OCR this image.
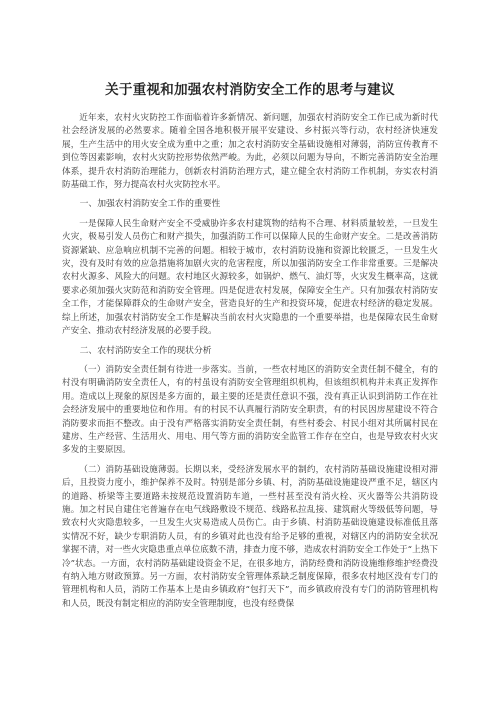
关于重视和加强农村消防安全工作的思考与建议

近年来，农村火灾防控工作面临着许多新情况、新问题，加强农村消防安全工作已成为新时代社会经济发展的必然要求。随着全国各地积极开展平安建设、乡村振兴等行动，农村经济快速发展，生产生活中的用火安全成为重中之重；加之农村消防安全基础设施相对薄弱，消防宣传教育不到位等因素影响，农村火灾防控形势依然严峻。为此，必须以问题为导向，不断完善消防安全治理体系，提升农村消防治理能力，创新农村消防治理方式，建立健全农村消防工作机制，夯实农村消防基础工作，努力提高农村火灾防控水平。

一、加强农村消防安全工作的重要性

一是保障人民生命财产安全不受威胁许多农村建筑物的结构不合理、材料质量较差，一旦发生火灾，极易引发人员伤亡和财产损失，加强消防工作可以保障人民的生命财产安全。二是改善消防资源紧缺、应急响应机制不完善的问题。相较于城市，农村消防设施和资源比较匮乏，一旦发生火灾，没有及时有效的应急措施将加剧火灾的危害程度，所以加强消防安全工作非常重要。三是解决农村火源多、风险大的问题。农村地区火源较多，如锅炉、燃气、油灯等，火灾发生概率高，这就要求必须加强火灾防范和消防安全管理。四是促进农村发展，保障安全生产。只有加强农村消防安全工作，才能保障群众的生命财产安全，营造良好的生产和投资环境，促进农村经济的稳定发展。综上所述，加强农村消防安全工作是解决当前农村火灾隐患的一个重要举措，也是保障农民生命财产安全、推动农村经济发展的必要手段。

二、农村消防安全工作的现状分析

（一）消防安全责任制有待进一步落实。当前，一些农村地区的消防安全责任制不健全，有的村没有明确消防安全责任人，有的村虽设有消防安全管理组织机构，但该组织机构并未真正发挥作用。造成以上现象的原因是多方面的，最主要的还是责任意识不强，没有真正认识到消防工作在社会经济发展中的重要地位和作用。有的村民不认真履行消防安全职责，有的村民因房屋建设不符合消防要求而拒不整改。由于没有严格落实消防安全责任制，有些村委会、村民小组对其所属村民在建房、生产经营、生活用火、用电、用气等方面的消防安全监管工作存在空白，也是导致农村火灾多发的主要原因。

（二）消防基础设施薄弱。长期以来，受经济发展水平的制约，农村消防基础设施建设相对滞后，且投资力度小，维护保养不及时。特别是部分乡镇、村，消防基础设施建设严重不足，辖区内的道路、桥梁等主要道路未按规范设置消防车道，一些村甚至没有消火栓、灭火器等公共消防设施。加之村民自建住宅普遍存在电气线路敷设不规范、线路私拉乱接、建筑耐火等级低等问题，导致农村火灾隐患较多，一旦发生火灾易造成人员伤亡。由于乡镇、村消防基础设施建设标准低且落实情况不好，缺少专职消防人员，有的乡镇对此也没有给予足够的重视，对辖区内的消防安全状况掌握不清，对一些火灾隐患重点单位底数不清，排查力度不够，造成农村消防安全工作处于“上热下冷”状态。一方面，农村消防基础建设资金不足，在很多地方，消防经费和消防设施维修维护经费没有纳入地方财政预算。另一方面，农村消防安全管理体系缺乏制度保障，很多农村地区没有专门的管理机构和人员，消防工作基本上是由乡镇政府“包打天下”，而乡镇政府没有专门的消防管理机构和人员，既没有制定相应的消防安全管理制度，也没有经费保
